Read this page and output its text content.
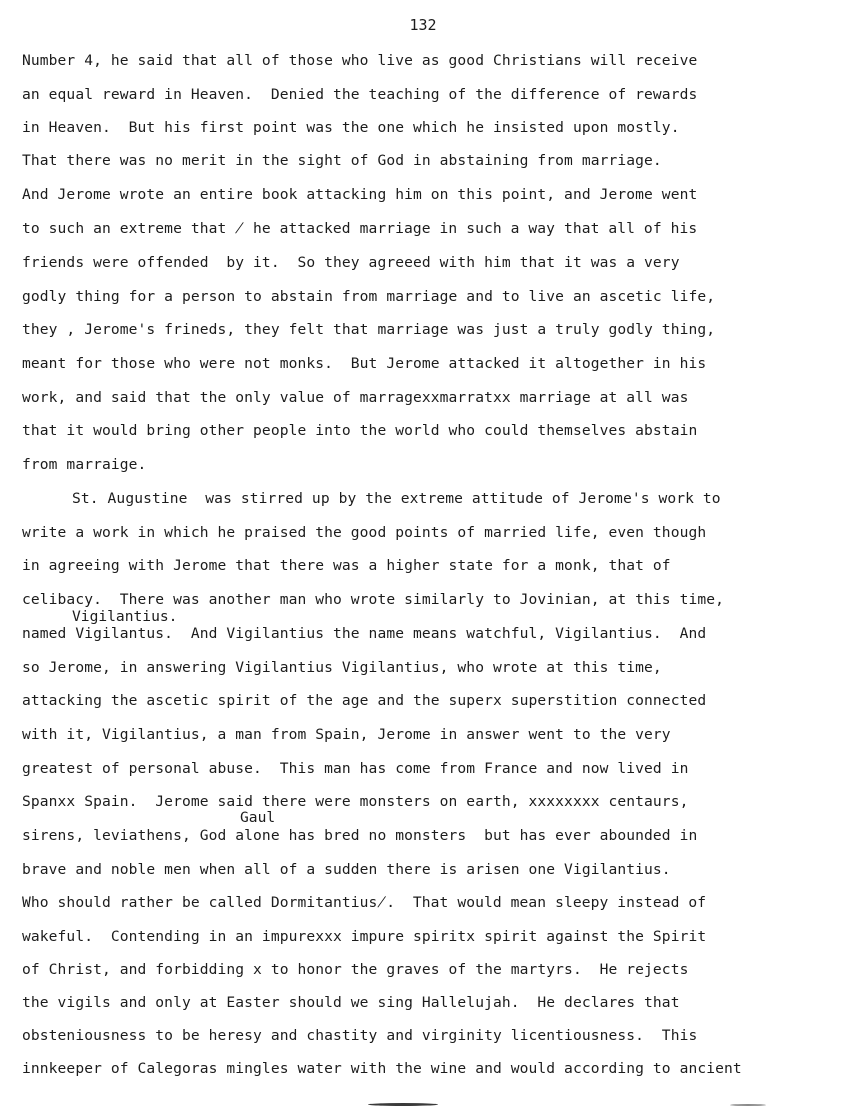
132
Number 4, he said that all of those who live as good Christians will receive
an equal reward in Heaven.  Denied the teaching of the difference of rewards
in Heaven.  But his first point was the one which he insisted upon mostly.
That there was no merit in the sight of God in abstaining from marriage.
And Jerome wrote an entire book attacking him on this point, and Jerome went
to such an extreme that ̸ he attacked marriage in such a way that all of his
friends were offended  by it.  So they agreeed with him that it was a very
godly thing for a person to abstain from marriage and to live an ascetic life,
they , Jerome's frineds, they felt that marriage was just a truly godly thing,
meant for those who were not monks.  But Jerome attacked it altogether in his
work, and said that the only value of marragexxmarratxx marriage at all was
that it would bring other people into the world who could themselves abstain
from marraige.
St. Augustine  was stirred up by the extreme attitude of Jerome's work to
write a work in which he praised the good points of married life, even though
in agreeing with Jerome that there was a higher state for a monk, that of
celibacy.  There was another man who wrote similarly to Jovinian, at this time,
Vigilantius.
named Vigilantus.  And Vigilantius the name means watchful, Vigilantius.  And
so Jerome, in answering Vigilantius Vigilantius, who wrote at this time,
attacking the ascetic spirit of the age and the superx superstition connected
with it, Vigilantius, a man from Spain, Jerome in answer went to the very
greatest of personal abuse.  This man has come from France and now lived in
Spanxx Spain.  Jerome said there were monsters on earth, xxxxxxxx centaurs,
Gaul
sirens, leviathens, God alone has bred no monsters  but has ever abounded in
brave and noble men when all of a sudden there is arisen one Vigilantius.
Who should rather be called Dormitantius̸.  That would mean sleepy instead of
wakeful.  Contending in an impurexxx impure spiritx spirit against the Spirit
of Christ, and forbidding x to honor the graves of the martyrs.  He rejects
the vigils and only at Easter should we sing Hallelujah.  He declares that
obsteniousness to be heresy and chastity and virginity licentiousness.  This
innkeeper of Calegoras mingles water with the wine and would according to ancient
